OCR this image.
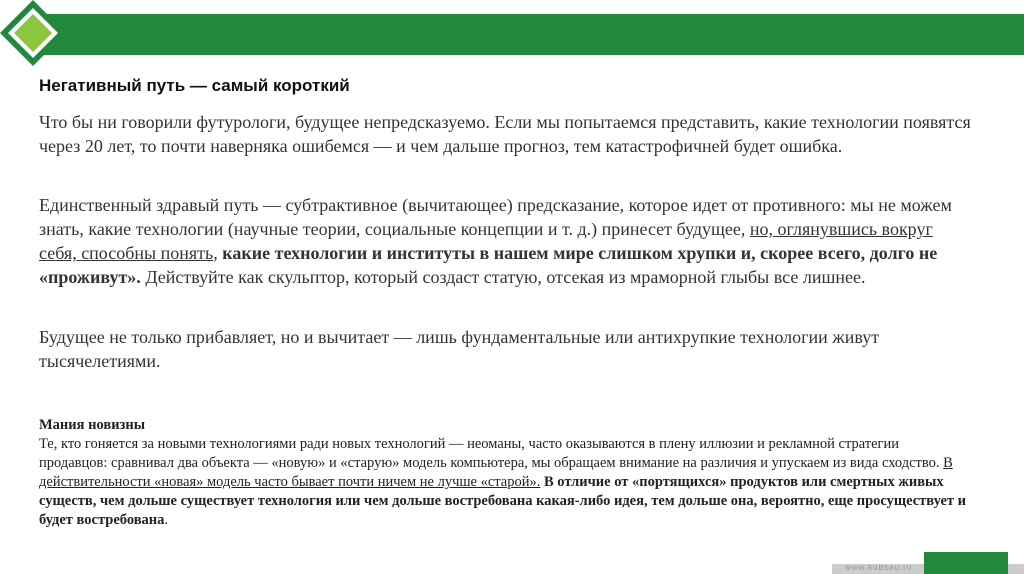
Негативный путь — самый короткий
Что бы ни говорили футурологи, будущее непредсказуемо. Если мы попытаемся представить, какие технологии появятся через 20 лет, то почти наверняка ошибемся — и чем дальше прогноз, тем катастрофичней будет ошибка.
Единственный здравый путь — субтрактивное (вычитающее) предсказание, которое идет от противного: мы не можем знать, какие технологии (научные теории, социальные концепции и т. д.) принесет будущее, но, оглянувшись вокруг себя, способны понять, какие технологии и институты в нашем мире слишком хрупки и, скорее всего, долго не «проживут». Действуйте как скульптор, который создаст статую, отсекая из мраморной глыбы все лишнее.
Будущее не только прибавляет, но и вычитает — лишь фундаментальные или антихрупкие технологии живут тысячелетиями.
Мания новизны
Те, кто гоняется за новыми технологиями ради новых технологий — неоманы, часто оказываются в плену иллюзии и рекламной стратегии продавцов: сравнивал два объекта — «новую» и «старую» модель компьютера, мы обращаем внимание на различия и упускаем из вида сходство. В действительности «новая» модель часто бывает почти ничем не лучше «старой». В отличие от «портящихся» продуктов или смертных живых существ, чем дольше существует технология или чем дольше востребована какая-либо идея, тем дольше она, вероятно, еще просуществует и будет востребована.
www.kubsau.ru
